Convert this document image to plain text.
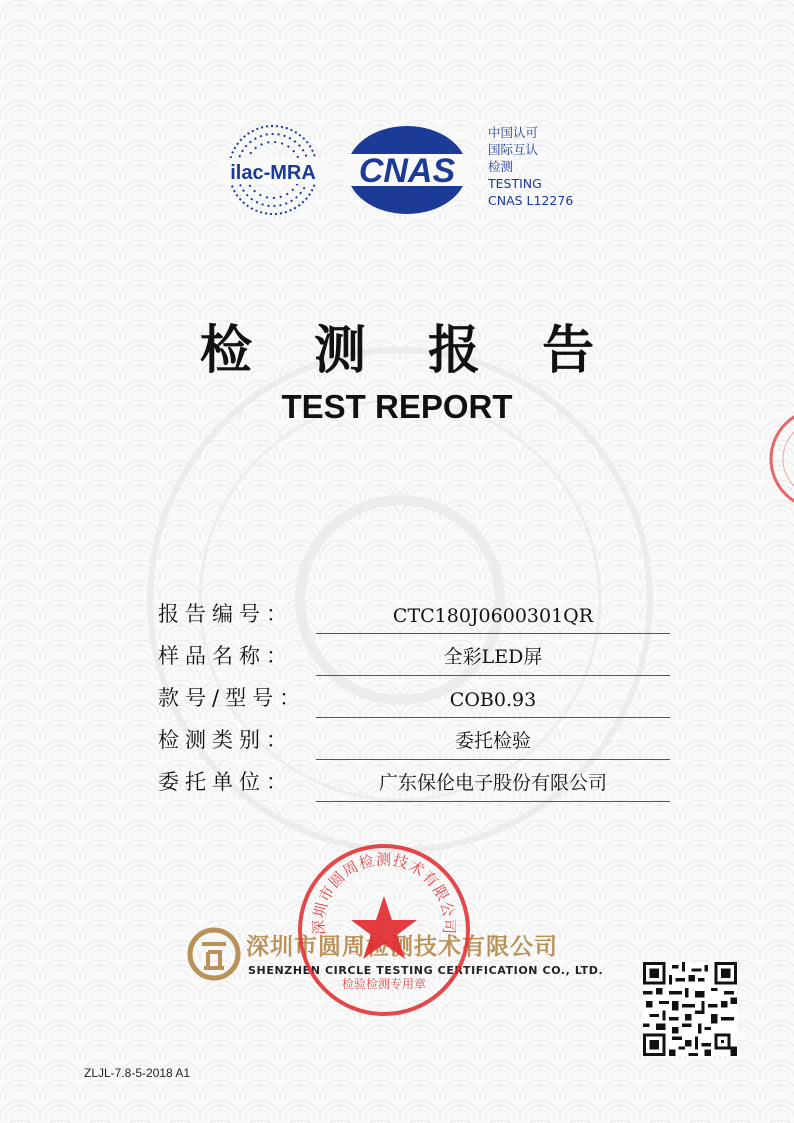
ilac-MRA CNAS
中国认可
国际互认
检测
TESTING
CNAS L12276
检 测 报 告
TEST REPORT
报告编号：	CTC180J0600301QR
样品名称：	全彩LED屏
款号/型号：	COB0.93
检测类别：	委托检验
委托单位：	广东保伦电子股份有限公司
深圳市圆周检测技术有限公司
SHENZHEN CIRCLE TESTING CERTIFICATION CO., LTD.
深圳市圆周检测技术有限公司
检验检测专用章
ZLJL-7.8-5-2018 A1
